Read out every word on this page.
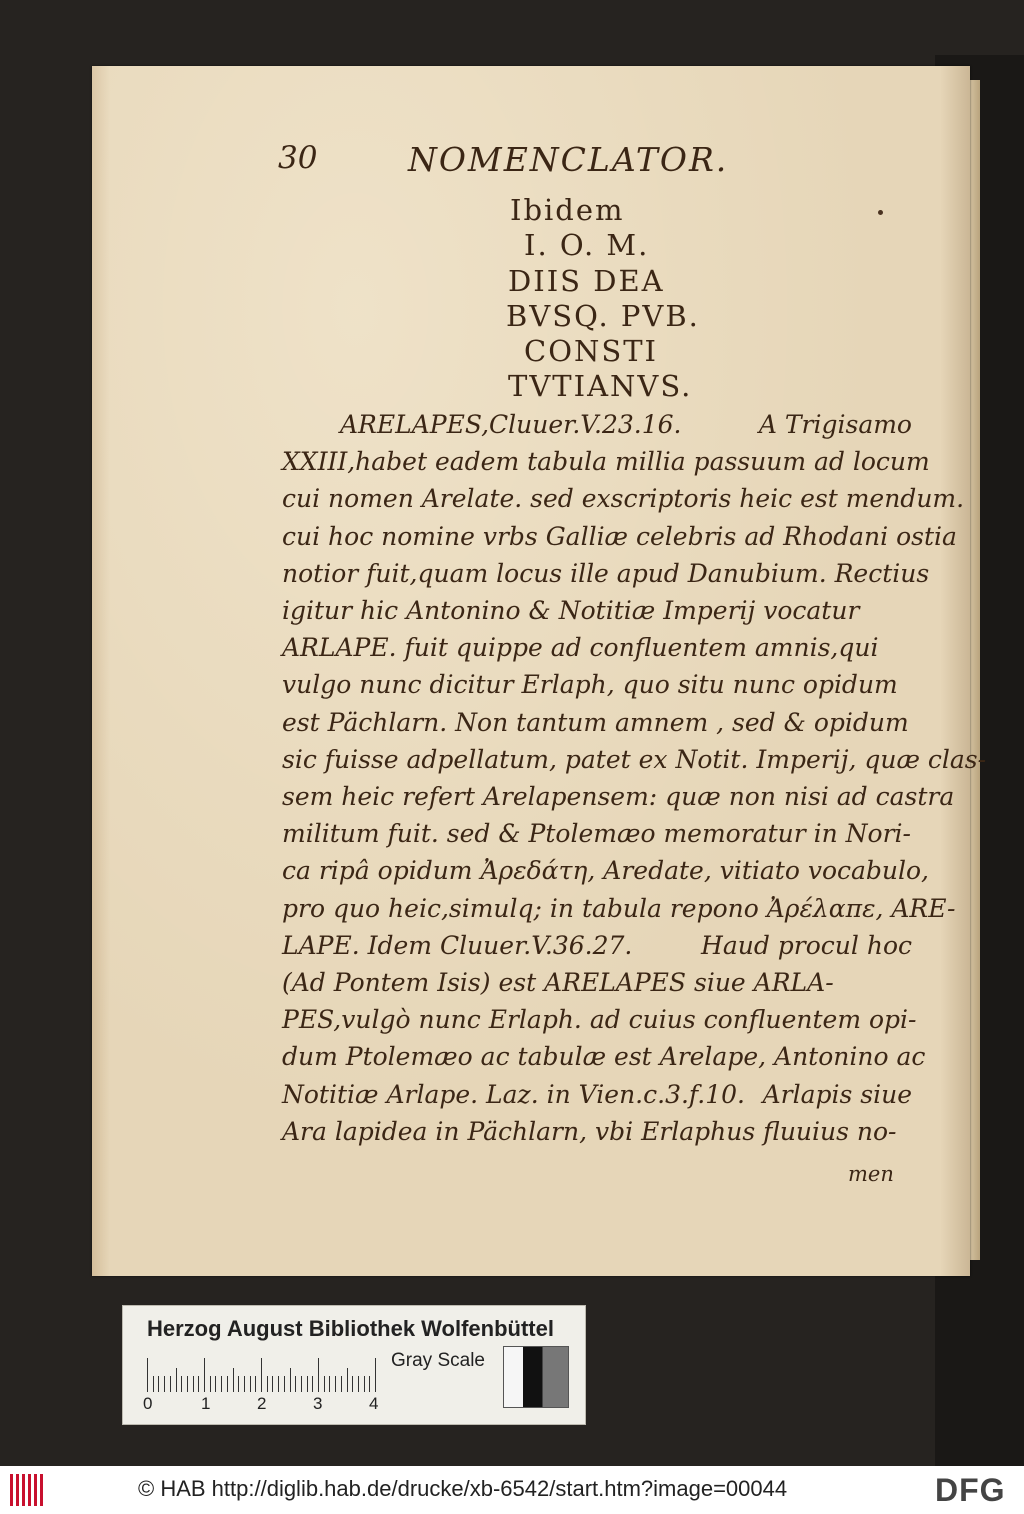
30	NOMENCLATOR.
Ibidem
I. O. M.
DIIS DEA
BVSQ. PVB.
CONSTI
TVTIANVS.
ARELAPES,Cluuer.V.23.16.	A Trigisamo
XXIII,habet eadem tabula millia passuum ad locum
cui nomen Arelate. sed exscriptoris heic est mendum.
cui hoc nomine vrbs Galliæ celebris ad Rhodani ostia
notior fuit,quam locus ille apud Danubium. Rectius
igitur hic Antonino & Notitiæ Imperij vocatur
ARLAPE. fuit quippe ad confluentem amnis,qui
vulgo nunc dicitur Erlaph, quo situ nunc opidum
est Pächlarn. Non tantum amnem , sed & opidum
sic fuisse adpellatum, patet ex Notit. Imperij, quæ clas-
sem heic refert Arelapensem: quæ non nisi ad castra
militum fuit. sed & Ptolemæo memoratur in Nori-
ca ripâ opidum Ἀρεδάτη, Aredate, vitiato vocabulo,
pro quo heic,simulq; in tabula repono Ἀρέλαπε, ARE-
LAPE. Idem Cluuer.V.36.27.	Haud procul hoc
(Ad Pontem Isis) est ARELAPES siue ARLA-
PES,vulgò nunc Erlaph. ad cuius confluentem opi-
dum Ptolemæo ac tabulæ est Arelape, Antonino ac
Notitiæ Arlape. Laz. in Vien.c.3.f.10. Arlapis siue
Ara lapidea in Pächlarn, vbi Erlaphus fluuius no-
men
Herzog August Bibliothek Wolfenbüttel
0	1	2	3	4
Gray Scale
© HAB http://diglib.hab.de/drucke/xb-6542/start.htm?image=00044	DFG
